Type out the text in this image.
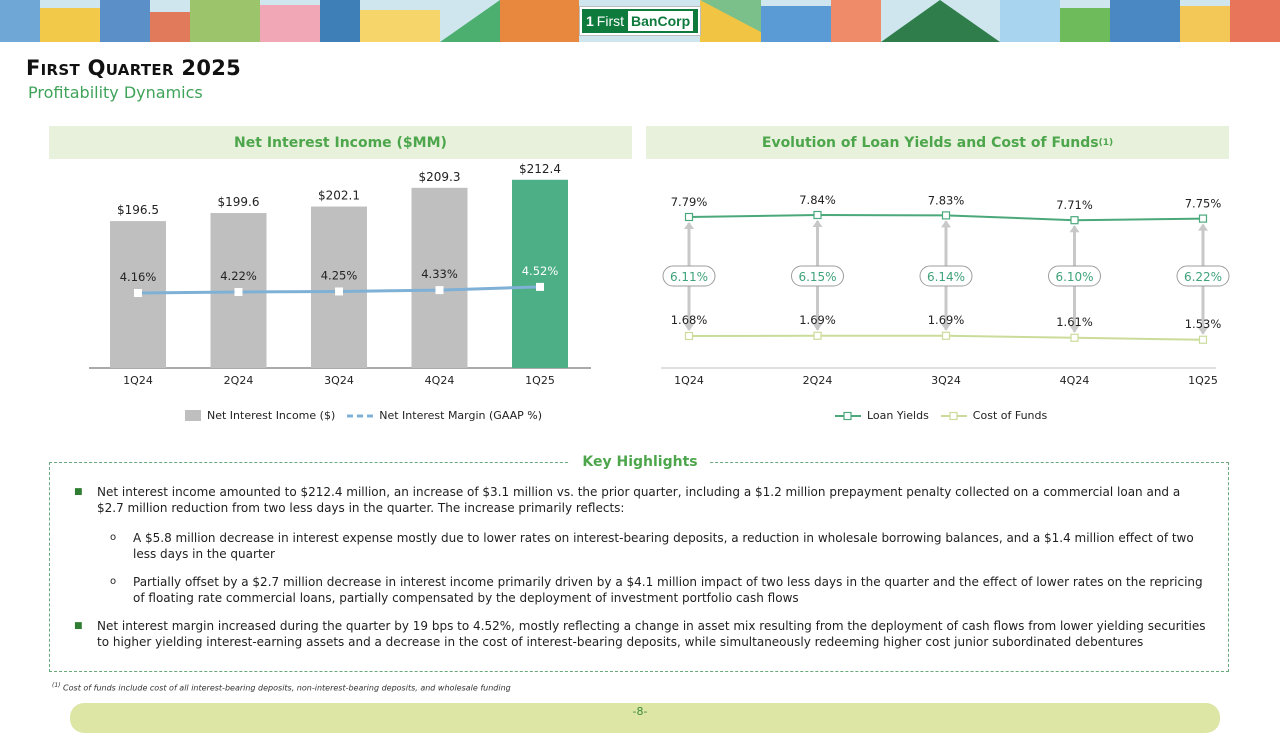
1 First BanCorp
First Quarter 2025
Profitability Dynamics
Net Interest Income ($MM)
$196.5
1Q24
$199.6
2Q24
$202.1
3Q24
$209.3
4Q24
$212.4
1Q25
4.16%	4.22%	4.25%	4.33%	4.52%
Net Interest Income ($)	Net Interest Margin (GAAP %)
Evolution of Loan Yields and Cost of Funds (1)
6.11%
7.79%
1.68%
1Q24
6.15%
7.84%
1.69%
2Q24
6.14%
7.83%
1.69%
3Q24
6.10%
7.71%
1.61%
4Q24
6.22%
7.75%
1.53%
1Q25
Loan Yields	Cost of Funds
Key Highlights
■ Net interest income amounted to $212.4 million, an increase of $3.1 million vs. the prior quarter, including a $1.2 million prepayment penalty collected on a commercial loan and a $2.7 million reduction from two less days in the quarter. The increase primarily reflects:
o A $5.8 million decrease in interest expense mostly due to lower rates on interest-bearing deposits, a reduction in wholesale borrowing balances, and a $1.4 million effect of two less days in the quarter
o Partially offset by a $2.7 million decrease in interest income primarily driven by a $4.1 million impact of two less days in the quarter and the effect of lower rates on the repricing of floating rate commercial loans, partially compensated by the deployment of investment portfolio cash flows
■ Net interest margin increased during the quarter by 19 bps to 4.52%, mostly reflecting a change in asset mix resulting from the deployment of cash flows from lower yielding securities to higher yielding interest-earning assets and a decrease in the cost of interest-bearing deposits, while simultaneously redeeming higher cost junior subordinated debentures
$^{(1)}$ Cost of funds include cost of all interest-bearing deposits, non-interest-bearing deposits, and wholesale funding
-8-
